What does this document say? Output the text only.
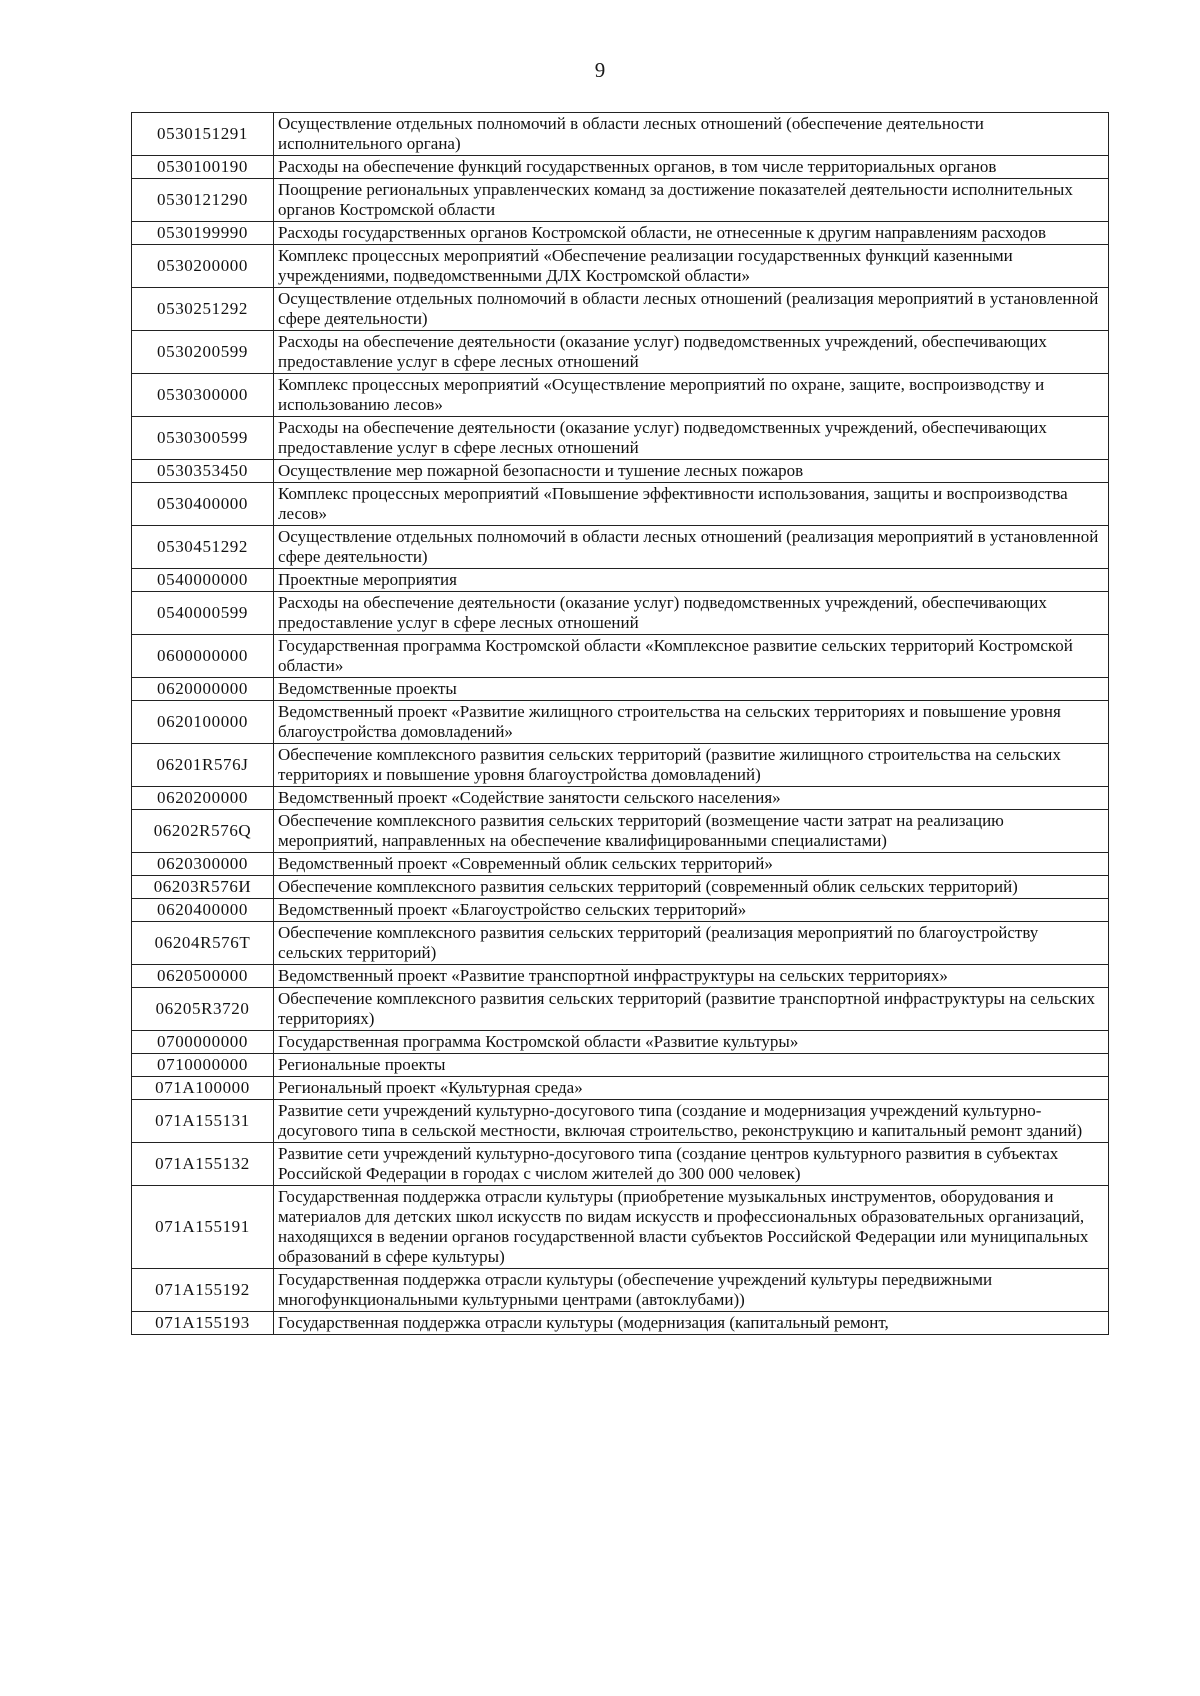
9
0530151291	Осуществление отдельных полномочий в области лесных отношений (обеспечение деятельности исполнительного органа)
0530100190	Расходы на обеспечение функций государственных органов, в том числе территориальных органов
0530121290	Поощрение региональных управленческих команд за достижение показателей деятельности исполнительных органов Костромской области
0530199990	Расходы государственных органов Костромской области, не отнесенные к другим направлениям расходов
0530200000	Комплекс процессных мероприятий «Обеспечение реализации государственных функций казенными учреждениями, подведомственными ДЛХ Костромской области»
0530251292	Осуществление отдельных полномочий в области лесных отношений (реализация мероприятий в установленной сфере деятельности)
0530200599	Расходы на обеспечение деятельности (оказание услуг) подведомственных учреждений, обеспечивающих предоставление услуг в сфере лесных отношений
0530300000	Комплекс процессных мероприятий «Осуществление мероприятий по охране, защите, воспроизводству и использованию лесов»
0530300599	Расходы на обеспечение деятельности (оказание услуг) подведомственных учреждений, обеспечивающих предоставление услуг в сфере лесных отношений
0530353450	Осуществление мер пожарной безопасности и тушение лесных пожаров
0530400000	Комплекс процессных мероприятий «Повышение эффективности использования, защиты и воспроизводства лесов»
0530451292	Осуществление отдельных полномочий в области лесных отношений (реализация мероприятий в установленной сфере деятельности)
0540000000	Проектные мероприятия
0540000599	Расходы на обеспечение деятельности (оказание услуг) подведомственных учреждений, обеспечивающих предоставление услуг в сфере лесных отношений
0600000000	Государственная программа Костромской области «Комплексное развитие сельских территорий Костромской области»
0620000000	Ведомственные проекты
0620100000	Ведомственный проект «Развитие жилищного строительства на сельских территориях и повышение уровня благоустройства домовладений»
06201R576J	Обеспечение комплексного развития сельских территорий (развитие жилищного строительства на сельских территориях и повышение уровня благоустройства домовладений)
0620200000	Ведомственный проект «Содействие занятости сельского населения»
06202R576Q	Обеспечение комплексного развития сельских территорий (возмещение части затрат на реализацию мероприятий, направленных на обеспечение квалифицированными специалистами)
0620300000	Ведомственный проект «Современный облик сельских территорий»
06203R576И	Обеспечение комплексного развития сельских территорий (современный облик сельских территорий)
0620400000	Ведомственный проект «Благоустройство сельских территорий»
06204R576T	Обеспечение комплексного развития сельских территорий (реализация мероприятий по благоустройству сельских территорий)
0620500000	Ведомственный проект «Развитие транспортной инфраструктуры на сельских территориях»
06205R3720	Обеспечение комплексного развития сельских территорий (развитие транспортной инфраструктуры на сельских территориях)
0700000000	Государственная программа Костромской области «Развитие культуры»
0710000000	Региональные проекты
071A100000	Региональный проект «Культурная среда»
071A155131	Развитие сети учреждений культурно-досугового типа (создание и модернизация учреждений культурно-досугового типа в сельской местности, включая строительство, реконструкцию и капитальный ремонт зданий)
071A155132	Развитие сети учреждений культурно-досугового типа (создание центров культурного развития в субъектах Российской Федерации в городах с числом жителей до 300 000 человек)
071A155191	Государственная поддержка отрасли культуры (приобретение музыкальных инструментов, оборудования и материалов для детских школ искусств по видам искусств и профессиональных образовательных организаций, находящихся в ведении органов государственной власти субъектов Российской Федерации или муниципальных образований в сфере культуры)
071A155192	Государственная поддержка отрасли культуры (обеспечение учреждений культуры передвижными многофункциональными культурными центрами (автоклубами))
071A155193	Государственная поддержка отрасли культуры (модернизация (капитальный ремонт,
